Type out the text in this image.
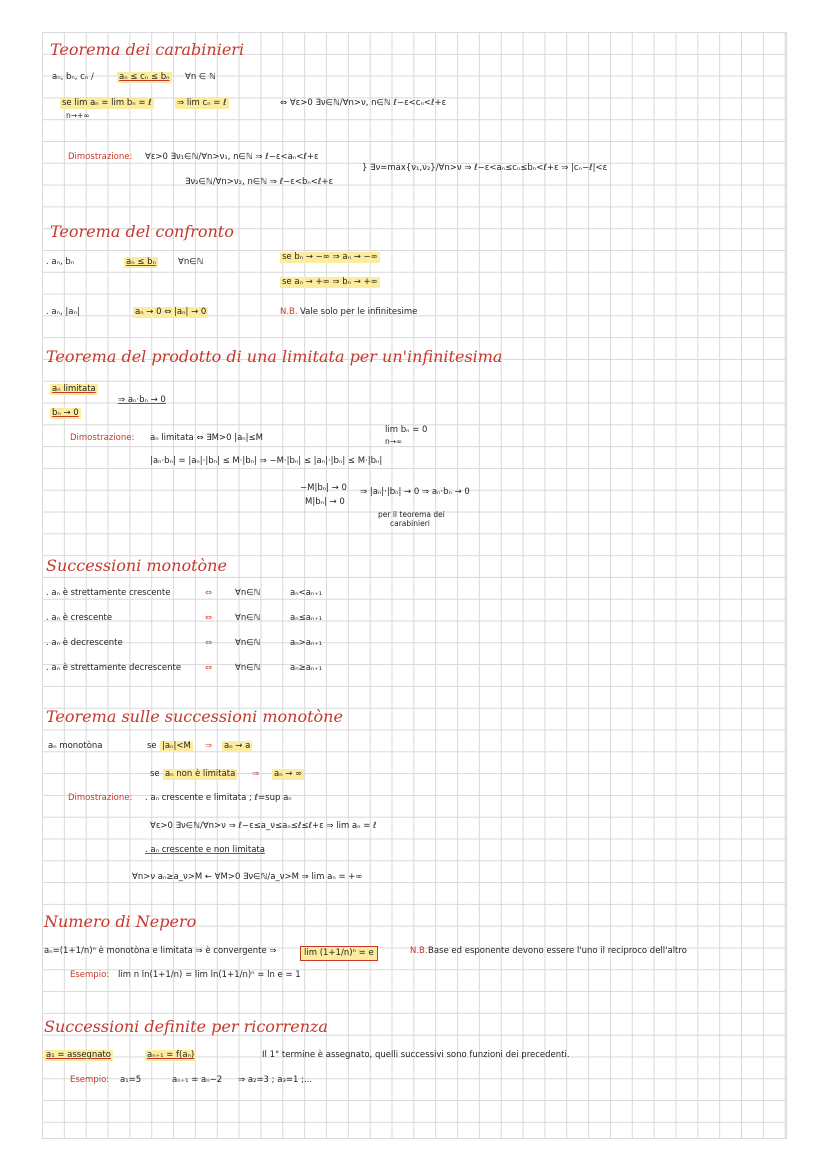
Teorema dei carabinieri
aₙ, bₙ, cₙ /	aₙ ≤ cₙ ≤ bₙ ∀n ∈ ℕ
se lim aₙ = lim bₙ = ℓ
n→+∞
⇒ lim cₙ = ℓ	⇔ ∀ε>0 ∃ν∈ℕ/∀n>ν, n∈ℕ ℓ−ε<cₙ<ℓ+ε
Dimostrazione: ∀ε>0 ∃ν₁∈ℕ/∀n>ν₁, n∈ℕ ⇒ ℓ−ε<aₙ<ℓ+ε
∃ν₂∈ℕ/∀n>ν₂, n∈ℕ ⇒ ℓ−ε<bₙ<ℓ+ε
} ∃ν=max{ν₁,ν₂}/∀n>ν ⇒ ℓ−ε<aₙ≤cₙ≤bₙ<ℓ+ε ⇒ |cₙ−ℓ|<ε
Teorema del confronto
. aₙ, bₙ	aₙ ≤ bₙ	∀n∈ℕ	se bₙ → −∞ ⇒ aₙ → −∞
se aₙ → +∞ ⇒ bₙ → +∞
. aₙ, |aₙ|	aₙ → 0 ⇔ |aₙ| → 0	N.B. Vale solo per le infinitesime
Teorema del prodotto di una limitata per un'infinitesima
aₙ limitata
bₙ → 0
⇒ aₙ·bₙ → 0
Dimostrazione: aₙ limitata ⇔ ∃M>0 |aₙ|≤M
lim bₙ = 0
n→∞
|aₙ·bₙ| = |aₙ|·|bₙ| ≤ M·|bₙ| ⇒ −M·|bₙ| ≤ |aₙ|·|bₙ| ≤ M·|bₙ|
−M|bₙ| → 0
M|bₙ| → 0
⇒ |aₙ|·|bₙ| → 0 ⇒ aₙ·bₙ → 0
per il teorema dei
carabinieri
Successioni monotòne
Teorema sulle successioni monotòne
aₙ monotòna	se |aₙ|<M ⇒ aₙ → a
se aₙ non è limitata ⇒ aₙ → ∞
Dimostrazione: . aₙ crescente e limitata ; ℓ=sup aₙ
∀ε>0 ∃ν∈ℕ/∀n>ν ⇒ ℓ−ε≤a_ν≤aₙ≤ℓ≤ℓ+ε ⇒ lim aₙ = ℓ
. aₙ crescente e non limitata
∀n>ν aₙ≥a_ν>M ← ∀M>0 ∃ν∈ℕ/a_ν>M ⇒ lim aₙ = +∞
Numero di Nepero
aₙ=(1+1/n)ⁿ è monotòna e limitata ⇒ è convergente ⇒	lim (1+1/n)ⁿ = e	N.B. Base ed esponente devono essere l'uno il reciproco dell'altro
Esempio: lim n ln(1+1/n) = lim ln(1+1/n)ⁿ = ln e = 1
Successioni definite per ricorrenza
a₁ = assegnato	aₙ₊₁ = f(aₙ)	Il 1° termine è assegnato, quelli successivi sono funzioni dei precedenti.
Esempio: a₁=5	aₙ₊₁ = aₙ−2 ⇒ a₂=3 ; a₃=1 ;...
. aₙ è strettamente crescente	⇔	∀n∈ℕ	aₙ<aₙ₊₁
. aₙ è crescente	⇔	∀n∈ℕ	aₙ≤aₙ₊₁
. aₙ è decrescente	⇔	∀n∈ℕ	aₙ>aₙ₊₁
. aₙ è strettamente decrescente	⇔	∀n∈ℕ	aₙ≥aₙ₊₁
